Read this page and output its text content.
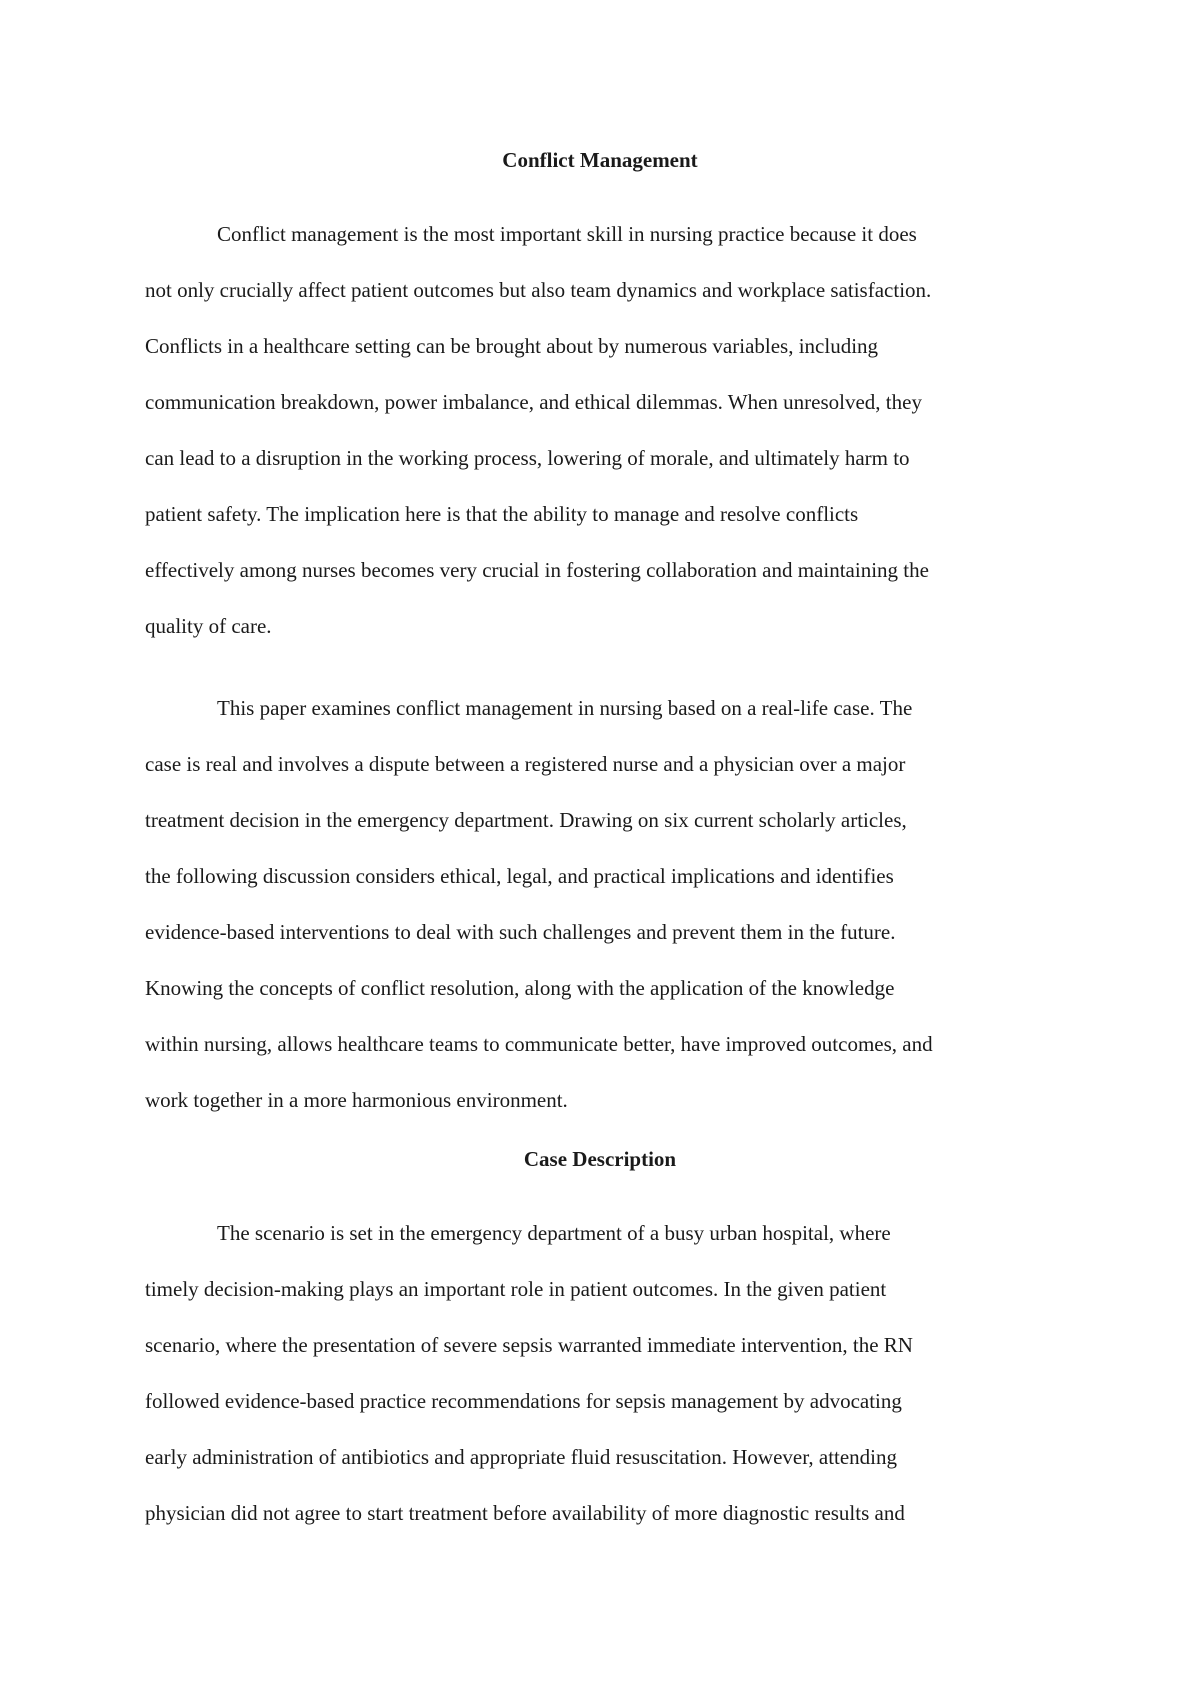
Conflict Management
Conflict management is the most important skill in nursing practice because it does
not only crucially affect patient outcomes but also team dynamics and workplace satisfaction.
Conflicts in a healthcare setting can be brought about by numerous variables, including
communication breakdown, power imbalance, and ethical dilemmas. When unresolved, they
can lead to a disruption in the working process, lowering of morale, and ultimately harm to
patient safety. The implication here is that the ability to manage and resolve conflicts
effectively among nurses becomes very crucial in fostering collaboration and maintaining the
quality of care.
This paper examines conflict management in nursing based on a real-life case. The
case is real and involves a dispute between a registered nurse and a physician over a major
treatment decision in the emergency department. Drawing on six current scholarly articles,
the following discussion considers ethical, legal, and practical implications and identifies
evidence-based interventions to deal with such challenges and prevent them in the future.
Knowing the concepts of conflict resolution, along with the application of the knowledge
within nursing, allows healthcare teams to communicate better, have improved outcomes, and
work together in a more harmonious environment.
Case Description
The scenario is set in the emergency department of a busy urban hospital, where
timely decision-making plays an important role in patient outcomes. In the given patient
scenario, where the presentation of severe sepsis warranted immediate intervention, the RN
followed evidence-based practice recommendations for sepsis management by advocating
early administration of antibiotics and appropriate fluid resuscitation. However, attending
physician did not agree to start treatment before availability of more diagnostic results and
